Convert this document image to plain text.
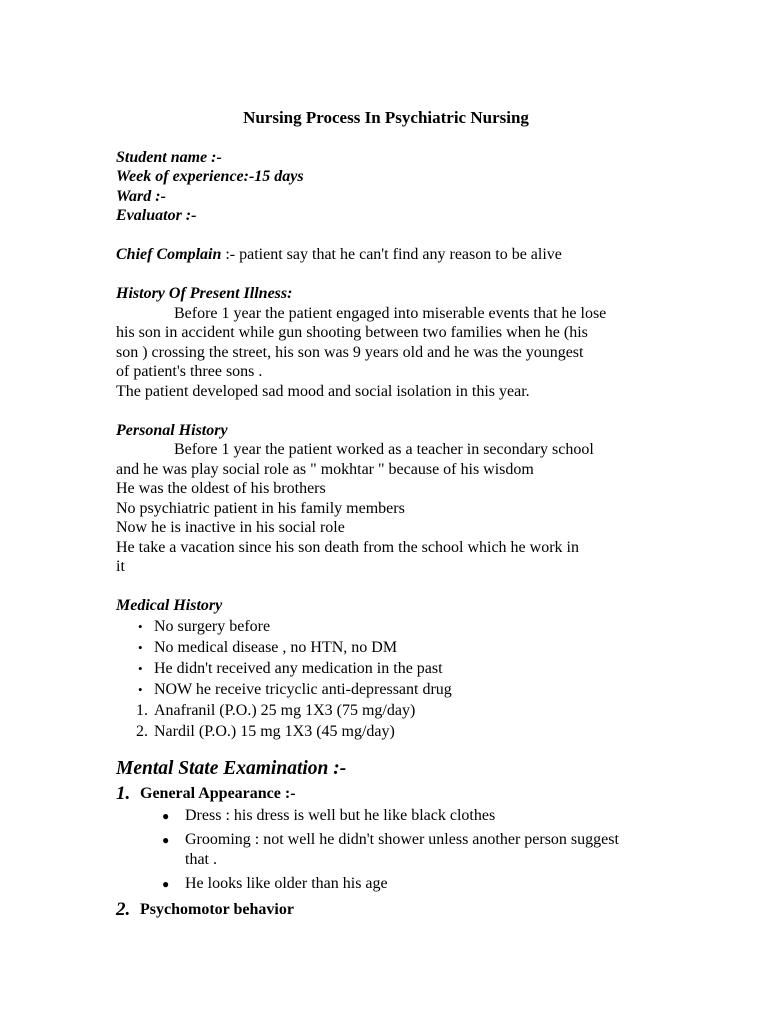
Nursing Process In Psychiatric Nursing
Student name :-
Week of experience:-15 days
Ward :-
Evaluator :-
Chief Complain :- patient say that he can't find any reason to be alive
History Of Present Illness:
Before 1 year the patient engaged into miserable events that he lose
his son in accident while gun shooting between two families when he (his
son ) crossing the street, his son was 9 years old and he was the youngest
of patient's three sons .
The patient developed sad mood and social isolation in this year.
Personal History
Before 1 year the patient worked as a teacher in secondary school
and he was play social role as " mokhtar " because of his wisdom
He was the oldest of his brothers
No psychiatric patient in his family members
Now he is inactive in his social role
He take a vacation since his son death from the school which he work in
it
Medical History
• No surgery before
• No medical disease , no HTN, no DM
• He didn't received any medication in the past
• NOW he receive tricyclic anti-depressant drug
1. Anafranil (P.O.) 25 mg 1X3 (75 mg/day)
2. Nardil (P.O.) 15 mg 1X3 (45 mg/day)
Mental State Examination :-
1. General Appearance :-
● Dress : his dress is well but he like black clothes
● Grooming : not well he didn't shower unless another person suggest that .
● He looks like older than his age
2. Psychomotor behavior
